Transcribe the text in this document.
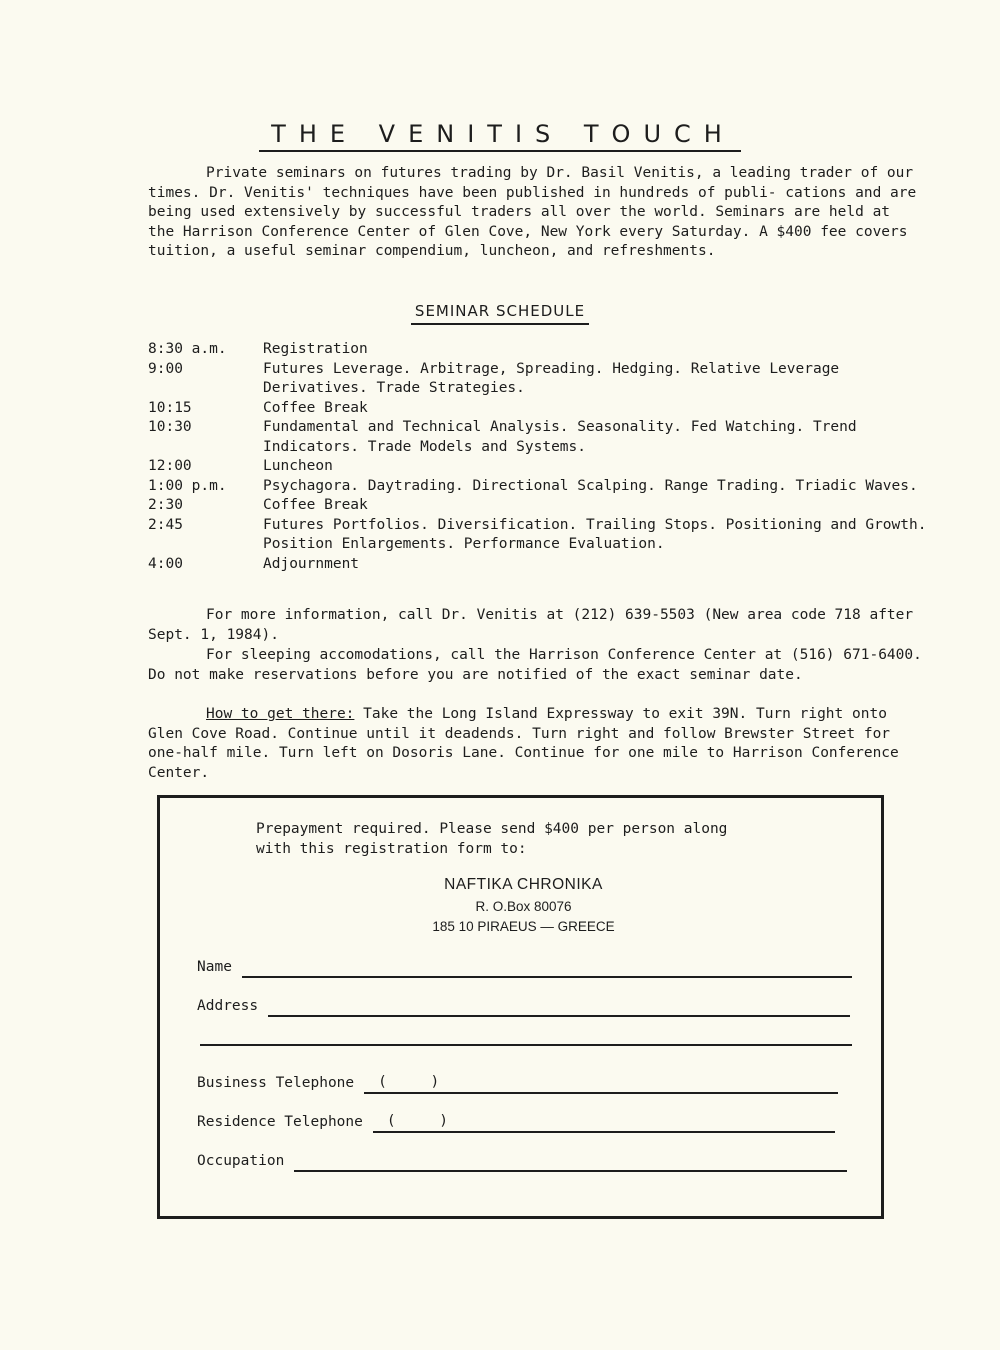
THE VENITIS TOUCH
Private seminars on futures trading by Dr. Basil Venitis, a leading trader of our times. Dr. Venitis' techniques have been published in hundreds of publi- cations and are being used extensively by successful traders all over the world. Seminars are held at the Harrison Conference Center of Glen Cove, New York every Saturday. A $400 fee covers tuition, a useful seminar compendium, luncheon, and refreshments.
SEMINAR SCHEDULE
8:30 a.m.	Registration
9:00	Futures Leverage. Arbitrage, Spreading. Hedging. Relative Leverage Derivatives. Trade Strategies.
10:15	Coffee Break
10:30	Fundamental and Technical Analysis. Seasonality. Fed Watching. Trend Indicators. Trade Models and Systems.
12:00	Luncheon
1:00 p.m.	Psychagora. Daytrading. Directional Scalping. Range Trading. Triadic Waves.
2:30	Coffee Break
2:45	Futures Portfolios. Diversification. Trailing Stops. Positioning and Growth. Position Enlargements. Performance Evaluation.
4:00	Adjournment
For more information, call Dr. Venitis at (212) 639-5503 (New area code 718 after Sept. 1, 1984).
For sleeping accomodations, call the Harrison Conference Center at (516) 671-6400. Do not make reservations before you are notified of the exact seminar date.
How to get there: Take the Long Island Expressway to exit 39N. Turn right onto Glen Cove Road. Continue until it deadends. Turn right and follow Brewster Street for one-half mile. Turn left on Dosoris Lane. Continue for one mile to Harrison Conference Center.
Prepayment required. Please send $400 per person along
with this registration form to:
NAFTIKA CHRONIKA
R. O.Box 80076
185 10 PIRAEUS — GREECE
Name
Address
Business Telephone (     )
Residence Telephone (     )
Occupation
